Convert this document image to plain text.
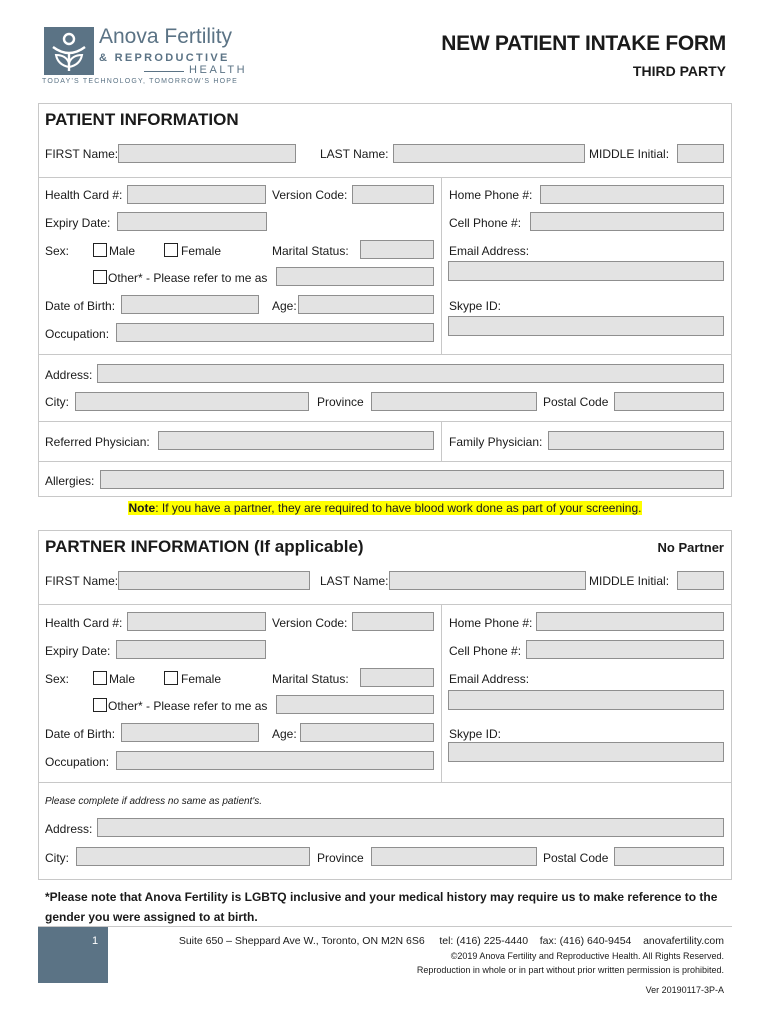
Anova Fertility
& REPRODUCTIVE
HEALTH
TODAY'S TECHNOLOGY, TOMORROW'S HOPE
NEW PATIENT INTAKE FORM
THIRD PARTY
PATIENT INFORMATION
FIRST Name:	LAST Name:	MIDDLE Initial:
Health Card #:	Version Code:	Home Phone #:
Expiry Date:	Cell Phone #:
Sex:	Male	Female	Marital Status:	Email Address:
Other* - Please refer to me as
Date of Birth:	Age:	Skype ID:
Occupation:
Address:
City:	Province	Postal Code
Referred Physician:	Family Physician:
Allergies:
Note: If you have a partner, they are required to have blood work done as part of your screening.
PARTNER INFORMATION (If applicable)	No Partner
FIRST Name:	LAST Name:	MIDDLE Initial:
Health Card #:	Version Code:	Home Phone #:
Expiry Date:	Cell Phone #:
Sex:	Male	Female	Marital Status:	Email Address:
Other* - Please refer to me as
Date of Birth:	Age:	Skype ID:
Occupation:
Please complete if address no same as patient's.
Address:
City:	Province	Postal Code
*Please note that Anova Fertility is LGBTQ inclusive and your medical history may require us to make reference to the gender you were assigned to at birth.
1	Suite 650 – Sheppard Ave W., Toronto, ON M2N 6S6 tel: (416) 225-4440 fax: (416) 640-9454 anovafertility.com
©2019 Anova Fertility and Reproductive Health. All Rights Reserved.
Reproduction in whole or in part without prior written permission is prohibited.
Ver 20190117-3P-A
